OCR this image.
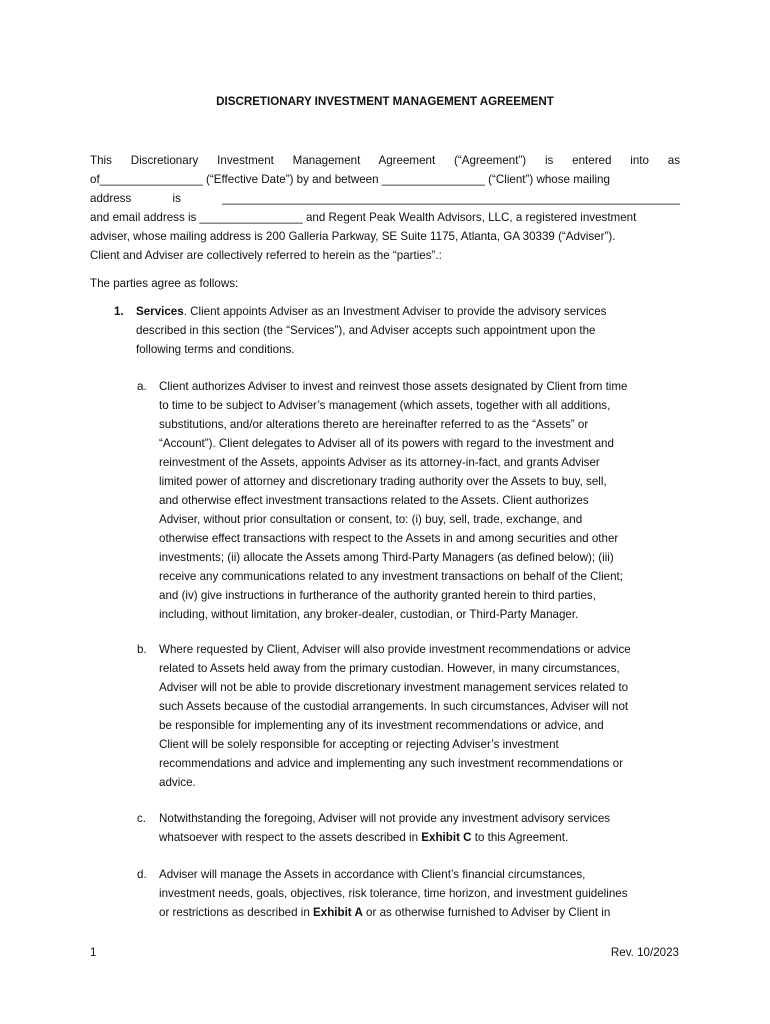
DISCRETIONARY INVESTMENT MANAGEMENT AGREEMENT
This Discretionary Investment Management Agreement (“Agreement”) is entered into as
of________________ (“Effective Date”) by and between ________________ (“Client”) whose mailing
address is _______________________________________________________________________
and email address is ________________ and Regent Peak Wealth Advisors, LLC, a registered investment
adviser, whose mailing address is 200 Galleria Parkway, SE Suite 1175, Atlanta, GA 30339 (“Adviser”).
Client and Adviser are collectively referred to herein as the “parties”.:
The parties agree as follows:
1. Services. Client appoints Adviser as an Investment Adviser to provide the advisory services
described in this section (the “Services”), and Adviser accepts such appointment upon the
following terms and conditions.
a. Client authorizes Adviser to invest and reinvest those assets designated by Client from time
to time to be subject to Adviser’s management (which assets, together with all additions,
substitutions, and/or alterations thereto are hereinafter referred to as the “Assets” or
“Account”). Client delegates to Adviser all of its powers with regard to the investment and
reinvestment of the Assets, appoints Adviser as its attorney-in-fact, and grants Adviser
limited power of attorney and discretionary trading authority over the Assets to buy, sell,
and otherwise effect investment transactions related to the Assets. Client authorizes
Adviser, without prior consultation or consent, to: (i) buy, sell, trade, exchange, and
otherwise effect transactions with respect to the Assets in and among securities and other
investments; (ii) allocate the Assets among Third-Party Managers (as defined below); (iii)
receive any communications related to any investment transactions on behalf of the Client;
and (iv) give instructions in furtherance of the authority granted herein to third parties,
including, without limitation, any broker-dealer, custodian, or Third-Party Manager.
b. Where requested by Client, Adviser will also provide investment recommendations or advice
related to Assets held away from the primary custodian. However, in many circumstances,
Adviser will not be able to provide discretionary investment management services related to
such Assets because of the custodial arrangements. In such circumstances, Adviser will not
be responsible for implementing any of its investment recommendations or advice, and
Client will be solely responsible for accepting or rejecting Adviser’s investment
recommendations and advice and implementing any such investment recommendations or
advice.
c. Notwithstanding the foregoing, Adviser will not provide any investment advisory services
whatsoever with respect to the assets described in Exhibit C to this Agreement.
d. Adviser will manage the Assets in accordance with Client’s financial circumstances,
investment needs, goals, objectives, risk tolerance, time horizon, and investment guidelines
or restrictions as described in Exhibit A or as otherwise furnished to Adviser by Client in
1	Rev. 10/2023
